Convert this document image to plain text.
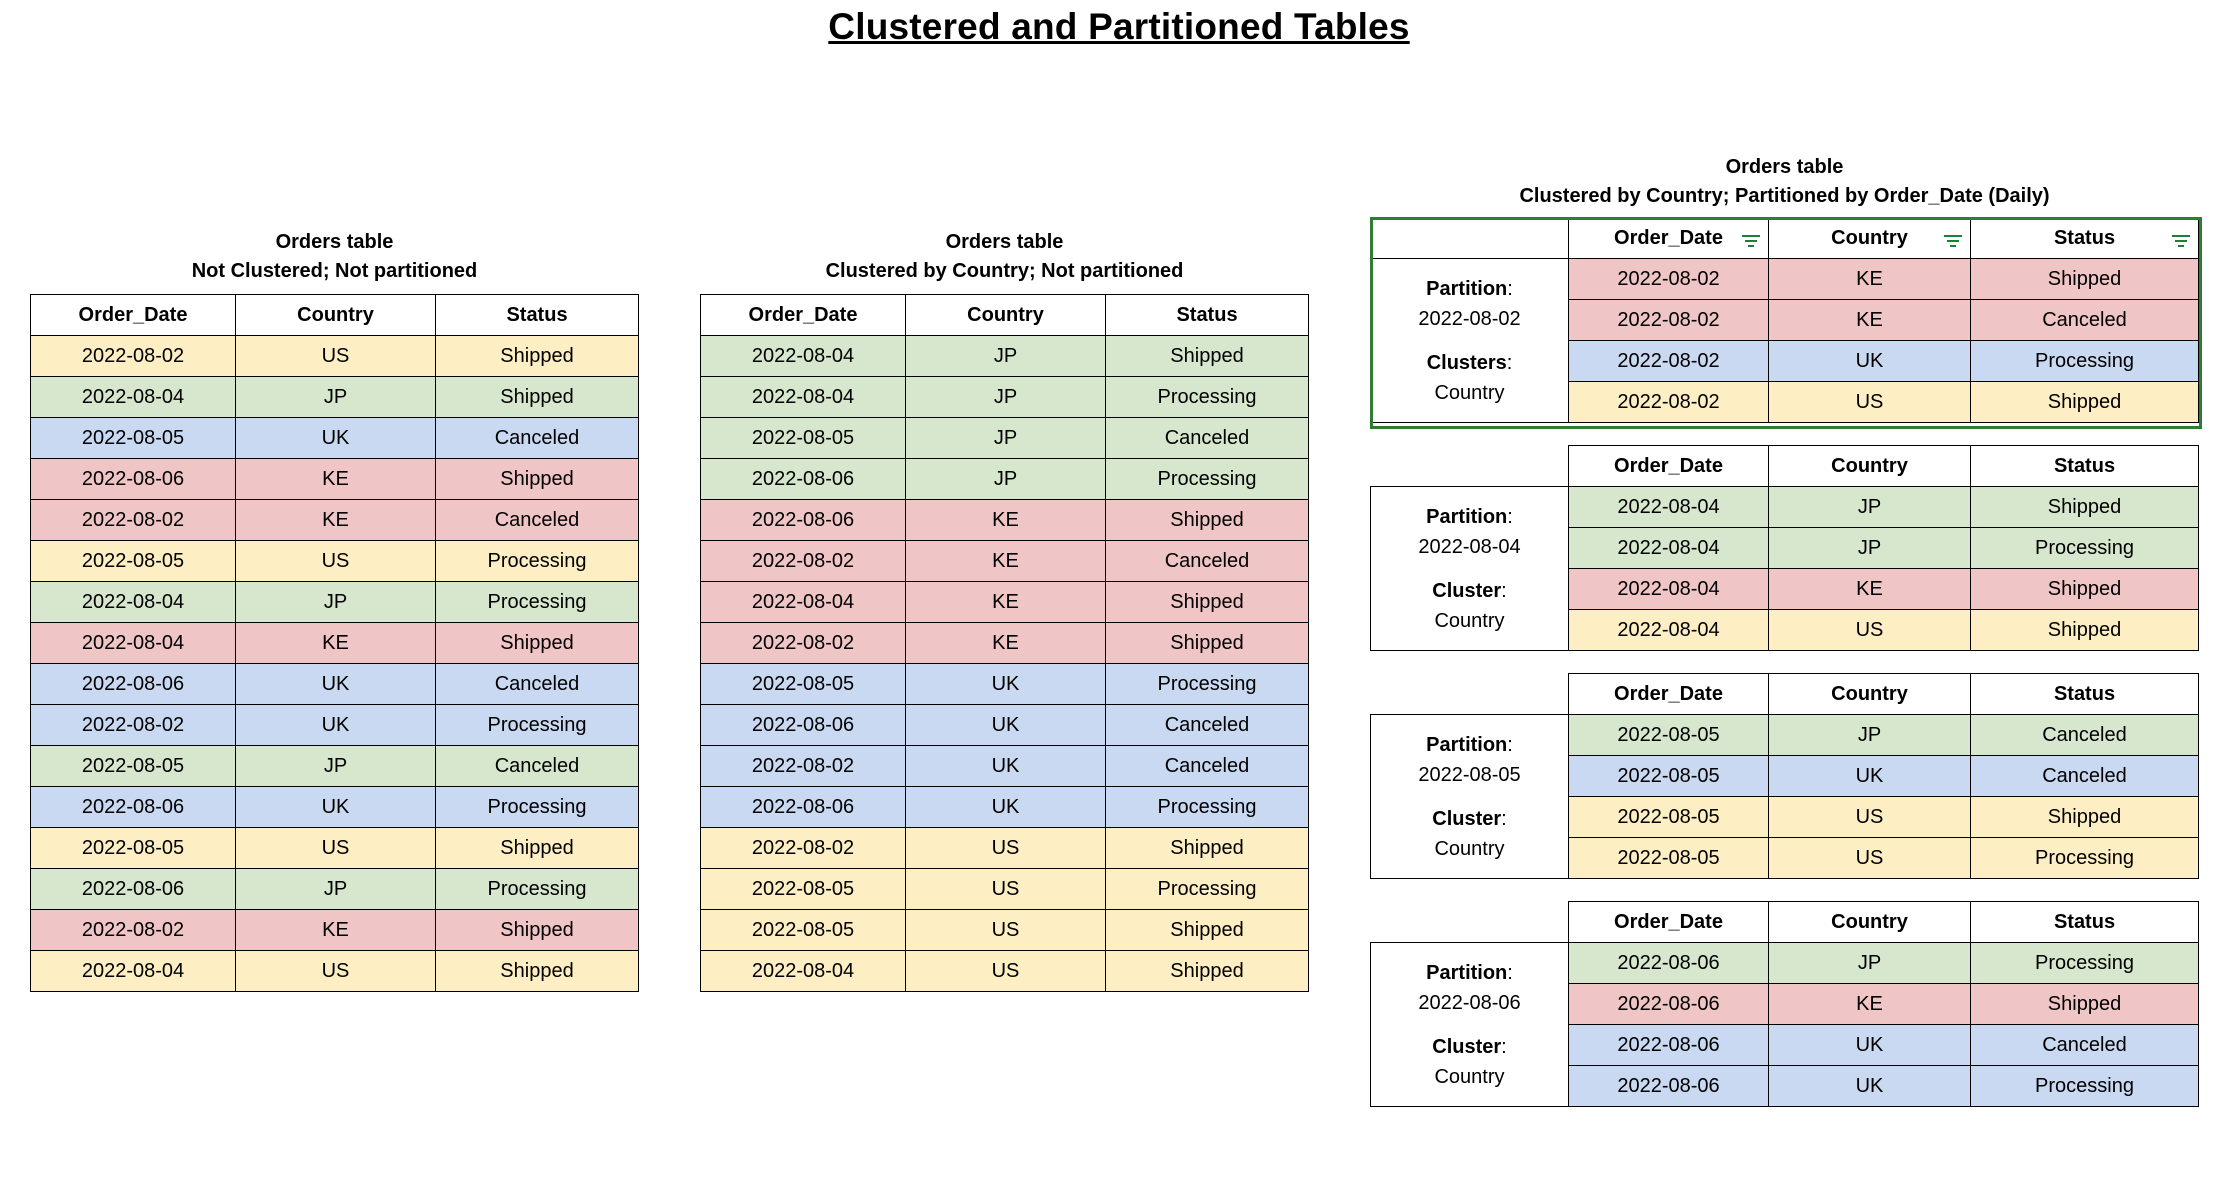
Clustered and Partitioned Tables
Orders table
Not Clustered; Not partitioned
Order_Date	Country	Status
2022-08-02	US	Shipped
2022-08-04	JP	Shipped
2022-08-05	UK	Canceled
2022-08-06	KE	Shipped
2022-08-02	KE	Canceled
2022-08-05	US	Processing
2022-08-04	JP	Processing
2022-08-04	KE	Shipped
2022-08-06	UK	Canceled
2022-08-02	UK	Processing
2022-08-05	JP	Canceled
2022-08-06	UK	Processing
2022-08-05	US	Shipped
2022-08-06	JP	Processing
2022-08-02	KE	Shipped
2022-08-04	US	Shipped
Orders table
Clustered by Country; Not partitioned
Order_Date	Country	Status
2022-08-04	JP	Shipped
2022-08-04	JP	Processing
2022-08-05	JP	Canceled
2022-08-06	JP	Processing
2022-08-06	KE	Shipped
2022-08-02	KE	Canceled
2022-08-04	KE	Shipped
2022-08-02	KE	Shipped
2022-08-05	UK	Processing
2022-08-06	UK	Canceled
2022-08-02	UK	Canceled
2022-08-06	UK	Processing
2022-08-02	US	Shipped
2022-08-05	US	Processing
2022-08-05	US	Shipped
2022-08-04	US	Shipped
Orders table
Clustered by Country; Partitioned by Order_Date (Daily)
	Order_Date	Country	Status

Partition:
2022-08-02
Clusters:
Country	2022-08-02	KE	Shipped
	2022-08-02	KE	Canceled
	2022-08-02	UK	Processing
	2022-08-02	US	Shipped
	Order_Date	Country	Status
Partition:
2022-08-04
Cluster:
Country	2022-08-04	JP	Shipped
	2022-08-04	JP	Processing
	2022-08-04	KE	Shipped
	2022-08-04	US	Shipped
	Order_Date	Country	Status
Partition:
2022-08-05
Cluster:
Country	2022-08-05	JP	Canceled
	2022-08-05	UK	Canceled
	2022-08-05	US	Shipped
	2022-08-05	US	Processing
	Order_Date	Country	Status
Partition:
2022-08-06
Cluster:
Country	2022-08-06	JP	Processing
	2022-08-06	KE	Shipped
	2022-08-06	UK	Canceled
	2022-08-06	UK	Processing
